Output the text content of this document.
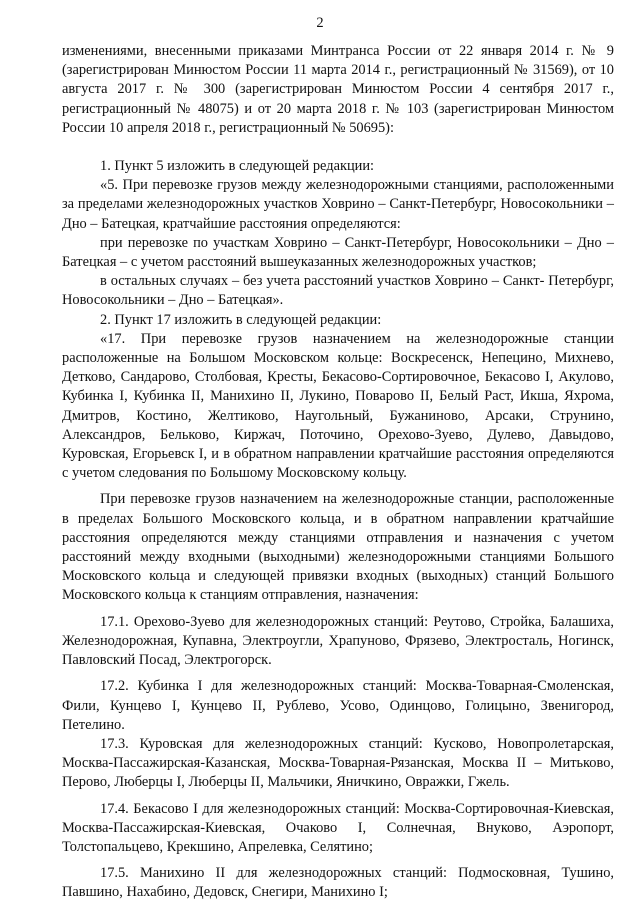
2

изменениями, внесенными приказами Минтранса России от 22 января 2014 г. № 9 (зарегистрирован Минюстом России 11 марта 2014 г., регистрационный № 31569), от 10 августа 2017 г. № 300 (зарегистрирован Минюстом России 4 сентября 2017 г., регистрационный № 48075) и от 20 марта 2018 г. № 103 (зарегистрирован Минюстом России 10 апреля 2018 г., регистрационный № 50695):

1. Пункт 5 изложить в следующей редакции:

«5. При перевозке грузов между железнодорожными станциями, расположенными за пределами железнодорожных участков Ховрино – Санкт-Петербург, Новосокольники – Дно – Батецкая, кратчайшие расстояния определяются:

при перевозке по участкам Ховрино – Санкт-Петербург, Новосокольники – Дно – Батецкая – с учетом расстояний вышеуказанных железнодорожных участков;

в остальных случаях – без учета расстояний участков Ховрино – Санкт- Петербург, Новосокольники – Дно – Батецкая».

2. Пункт 17 изложить в следующей редакции:

«17. При перевозке грузов назначением на железнодорожные станции расположенные на Большом Московском кольце: Воскресенск, Непецино, Михнево, Детково, Сандарово, Столбовая, Кресты, Бекасово-Сортировочное, Бекасово I, Акулово, Кубинка I, Кубинка II, Манихино II, Лукино, Поварово II, Белый Раст, Икша, Яхрома, Дмитров, Костино, Желтиково, Наугольный, Бужаниново, Арсаки, Струнино, Александров, Бельково, Киржач, Поточино, Орехово-Зуево, Дулево, Давыдово, Куровская, Егорьевск I, и в обратном направлении кратчайшие расстояния определяются с учетом следования по Большому Московскому кольцу.

При перевозке грузов назначением на железнодорожные станции, расположенные в пределах Большого Московского кольца, и в обратном направлении кратчайшие расстояния определяются между станциями отправления и назначения с учетом расстояний между входными (выходными) железнодорожными станциями Большого Московского кольца и следующей привязки входных (выходных) станций Большого Московского кольца к станциям отправления, назначения:

17.1. Орехово-Зуево для железнодорожных станций: Реутово, Стройка, Балашиха, Железнодорожная, Купавна, Электроугли, Храпуново, Фрязево, Электросталь, Ногинск, Павловский Посад, Электрогорск.

17.2. Кубинка I для железнодорожных станций: Москва-Товарная-Смоленская, Фили, Кунцево I, Кунцево II, Рублево, Усово, Одинцово, Голицыно, Звенигород, Петелино.

17.3. Куровская для железнодорожных станций: Кусково, Новопролетарская, Москва-Пассажирская-Казанская, Москва-Товарная-Рязанская, Москва II – Митьково, Перово, Люберцы I, Люберцы II, Мальчики, Яничкино, Овражки, Гжель.

17.4. Бекасово I для железнодорожных станций: Москва-Сортировочная-Киевская, Москва-Пассажирская-Киевская, Очаково I, Солнечная, Внуково, Аэропорт, Толстопальцево, Крекшино, Апрелевка, Селятино;

17.5. Манихино II для железнодорожных станций: Подмосковная, Тушино, Павшино, Нахабино, Дедовск, Снегири, Манихино I;
